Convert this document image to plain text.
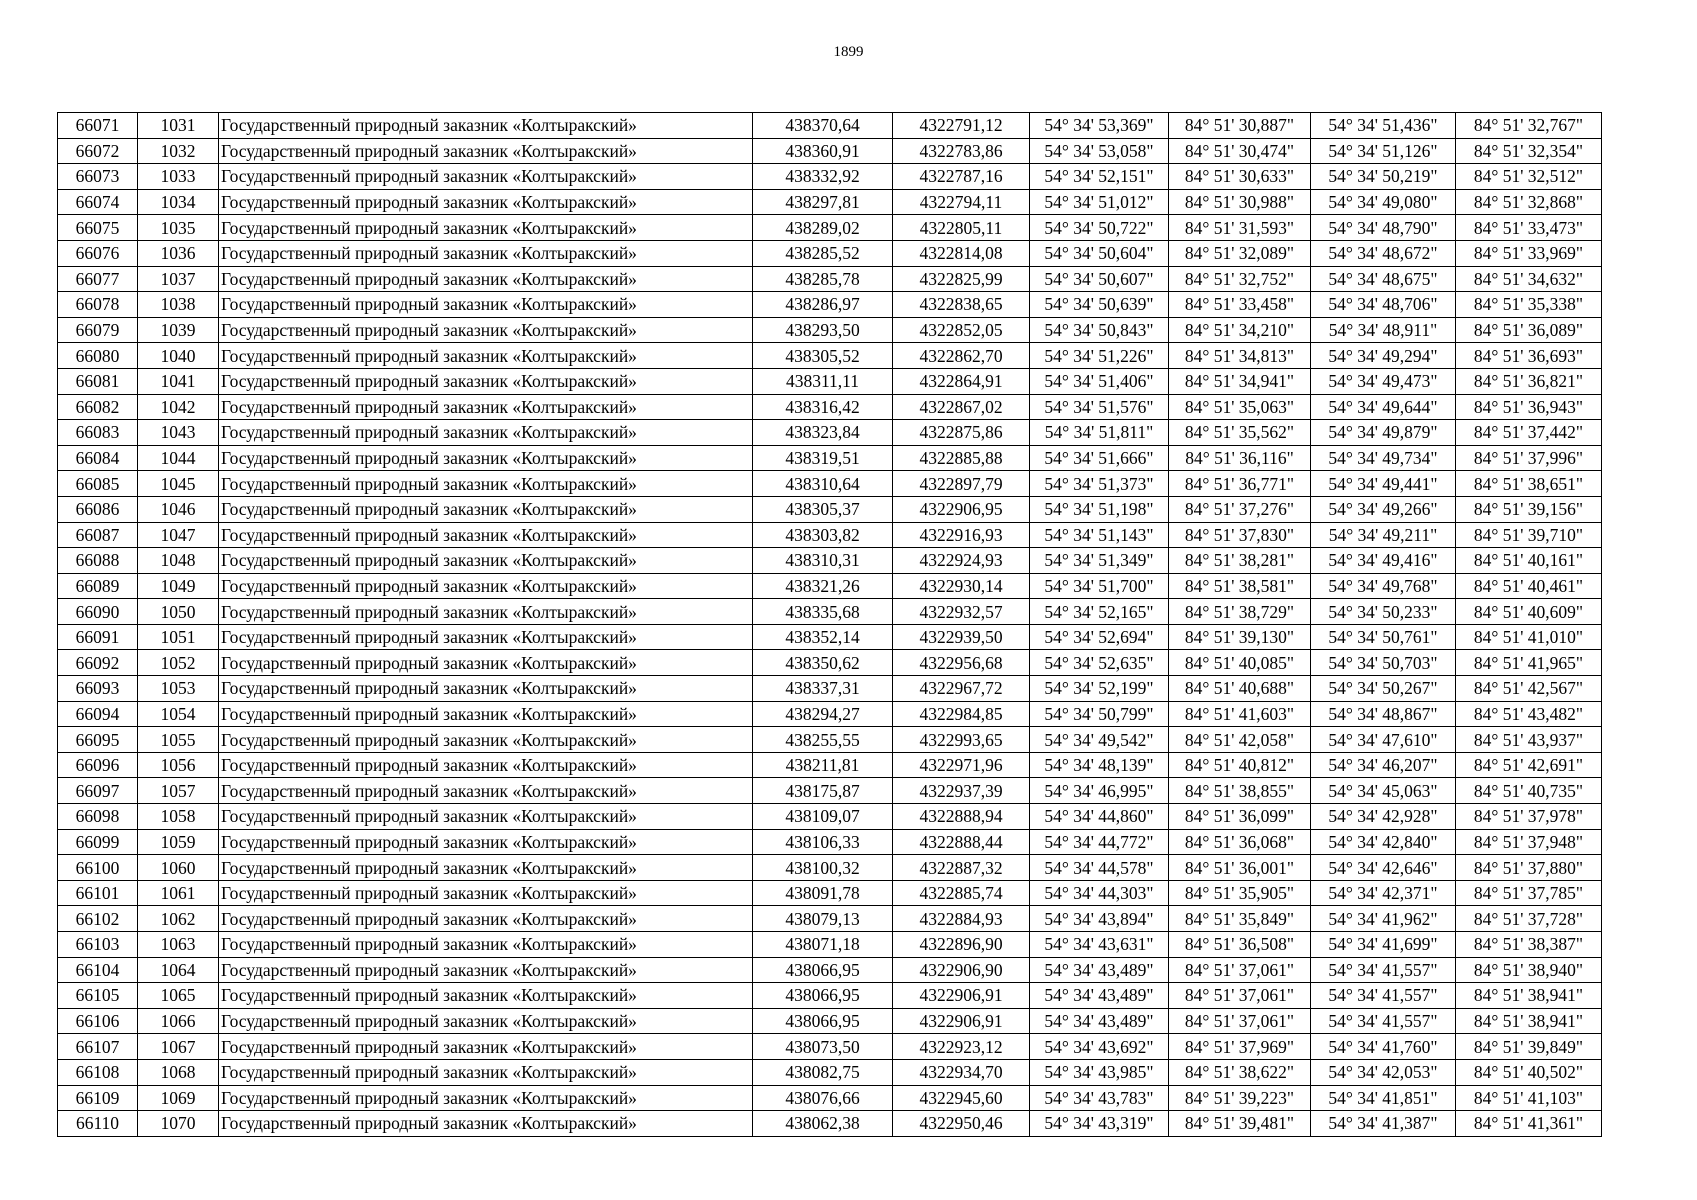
1899
66071	1031	Государственный природный заказник «Колтыракский»	438370,64	4322791,12	54° 34' 53,369"	84° 51' 30,887"	54° 34' 51,436"	84° 51' 32,767"
66072	1032	Государственный природный заказник «Колтыракский»	438360,91	4322783,86	54° 34' 53,058"	84° 51' 30,474"	54° 34' 51,126"	84° 51' 32,354"
66073	1033	Государственный природный заказник «Колтыракский»	438332,92	4322787,16	54° 34' 52,151"	84° 51' 30,633"	54° 34' 50,219"	84° 51' 32,512"
66074	1034	Государственный природный заказник «Колтыракский»	438297,81	4322794,11	54° 34' 51,012"	84° 51' 30,988"	54° 34' 49,080"	84° 51' 32,868"
66075	1035	Государственный природный заказник «Колтыракский»	438289,02	4322805,11	54° 34' 50,722"	84° 51' 31,593"	54° 34' 48,790"	84° 51' 33,473"
66076	1036	Государственный природный заказник «Колтыракский»	438285,52	4322814,08	54° 34' 50,604"	84° 51' 32,089"	54° 34' 48,672"	84° 51' 33,969"
66077	1037	Государственный природный заказник «Колтыракский»	438285,78	4322825,99	54° 34' 50,607"	84° 51' 32,752"	54° 34' 48,675"	84° 51' 34,632"
66078	1038	Государственный природный заказник «Колтыракский»	438286,97	4322838,65	54° 34' 50,639"	84° 51' 33,458"	54° 34' 48,706"	84° 51' 35,338"
66079	1039	Государственный природный заказник «Колтыракский»	438293,50	4322852,05	54° 34' 50,843"	84° 51' 34,210"	54° 34' 48,911"	84° 51' 36,089"
66080	1040	Государственный природный заказник «Колтыракский»	438305,52	4322862,70	54° 34' 51,226"	84° 51' 34,813"	54° 34' 49,294"	84° 51' 36,693"
66081	1041	Государственный природный заказник «Колтыракский»	438311,11	4322864,91	54° 34' 51,406"	84° 51' 34,941"	54° 34' 49,473"	84° 51' 36,821"
66082	1042	Государственный природный заказник «Колтыракский»	438316,42	4322867,02	54° 34' 51,576"	84° 51' 35,063"	54° 34' 49,644"	84° 51' 36,943"
66083	1043	Государственный природный заказник «Колтыракский»	438323,84	4322875,86	54° 34' 51,811"	84° 51' 35,562"	54° 34' 49,879"	84° 51' 37,442"
66084	1044	Государственный природный заказник «Колтыракский»	438319,51	4322885,88	54° 34' 51,666"	84° 51' 36,116"	54° 34' 49,734"	84° 51' 37,996"
66085	1045	Государственный природный заказник «Колтыракский»	438310,64	4322897,79	54° 34' 51,373"	84° 51' 36,771"	54° 34' 49,441"	84° 51' 38,651"
66086	1046	Государственный природный заказник «Колтыракский»	438305,37	4322906,95	54° 34' 51,198"	84° 51' 37,276"	54° 34' 49,266"	84° 51' 39,156"
66087	1047	Государственный природный заказник «Колтыракский»	438303,82	4322916,93	54° 34' 51,143"	84° 51' 37,830"	54° 34' 49,211"	84° 51' 39,710"
66088	1048	Государственный природный заказник «Колтыракский»	438310,31	4322924,93	54° 34' 51,349"	84° 51' 38,281"	54° 34' 49,416"	84° 51' 40,161"
66089	1049	Государственный природный заказник «Колтыракский»	438321,26	4322930,14	54° 34' 51,700"	84° 51' 38,581"	54° 34' 49,768"	84° 51' 40,461"
66090	1050	Государственный природный заказник «Колтыракский»	438335,68	4322932,57	54° 34' 52,165"	84° 51' 38,729"	54° 34' 50,233"	84° 51' 40,609"
66091	1051	Государственный природный заказник «Колтыракский»	438352,14	4322939,50	54° 34' 52,694"	84° 51' 39,130"	54° 34' 50,761"	84° 51' 41,010"
66092	1052	Государственный природный заказник «Колтыракский»	438350,62	4322956,68	54° 34' 52,635"	84° 51' 40,085"	54° 34' 50,703"	84° 51' 41,965"
66093	1053	Государственный природный заказник «Колтыракский»	438337,31	4322967,72	54° 34' 52,199"	84° 51' 40,688"	54° 34' 50,267"	84° 51' 42,567"
66094	1054	Государственный природный заказник «Колтыракский»	438294,27	4322984,85	54° 34' 50,799"	84° 51' 41,603"	54° 34' 48,867"	84° 51' 43,482"
66095	1055	Государственный природный заказник «Колтыракский»	438255,55	4322993,65	54° 34' 49,542"	84° 51' 42,058"	54° 34' 47,610"	84° 51' 43,937"
66096	1056	Государственный природный заказник «Колтыракский»	438211,81	4322971,96	54° 34' 48,139"	84° 51' 40,812"	54° 34' 46,207"	84° 51' 42,691"
66097	1057	Государственный природный заказник «Колтыракский»	438175,87	4322937,39	54° 34' 46,995"	84° 51' 38,855"	54° 34' 45,063"	84° 51' 40,735"
66098	1058	Государственный природный заказник «Колтыракский»	438109,07	4322888,94	54° 34' 44,860"	84° 51' 36,099"	54° 34' 42,928"	84° 51' 37,978"
66099	1059	Государственный природный заказник «Колтыракский»	438106,33	4322888,44	54° 34' 44,772"	84° 51' 36,068"	54° 34' 42,840"	84° 51' 37,948"
66100	1060	Государственный природный заказник «Колтыракский»	438100,32	4322887,32	54° 34' 44,578"	84° 51' 36,001"	54° 34' 42,646"	84° 51' 37,880"
66101	1061	Государственный природный заказник «Колтыракский»	438091,78	4322885,74	54° 34' 44,303"	84° 51' 35,905"	54° 34' 42,371"	84° 51' 37,785"
66102	1062	Государственный природный заказник «Колтыракский»	438079,13	4322884,93	54° 34' 43,894"	84° 51' 35,849"	54° 34' 41,962"	84° 51' 37,728"
66103	1063	Государственный природный заказник «Колтыракский»	438071,18	4322896,90	54° 34' 43,631"	84° 51' 36,508"	54° 34' 41,699"	84° 51' 38,387"
66104	1064	Государственный природный заказник «Колтыракский»	438066,95	4322906,90	54° 34' 43,489"	84° 51' 37,061"	54° 34' 41,557"	84° 51' 38,940"
66105	1065	Государственный природный заказник «Колтыракский»	438066,95	4322906,91	54° 34' 43,489"	84° 51' 37,061"	54° 34' 41,557"	84° 51' 38,941"
66106	1066	Государственный природный заказник «Колтыракский»	438066,95	4322906,91	54° 34' 43,489"	84° 51' 37,061"	54° 34' 41,557"	84° 51' 38,941"
66107	1067	Государственный природный заказник «Колтыракский»	438073,50	4322923,12	54° 34' 43,692"	84° 51' 37,969"	54° 34' 41,760"	84° 51' 39,849"
66108	1068	Государственный природный заказник «Колтыракский»	438082,75	4322934,70	54° 34' 43,985"	84° 51' 38,622"	54° 34' 42,053"	84° 51' 40,502"
66109	1069	Государственный природный заказник «Колтыракский»	438076,66	4322945,60	54° 34' 43,783"	84° 51' 39,223"	54° 34' 41,851"	84° 51' 41,103"
66110	1070	Государственный природный заказник «Колтыракский»	438062,38	4322950,46	54° 34' 43,319"	84° 51' 39,481"	54° 34' 41,387"	84° 51' 41,361"
